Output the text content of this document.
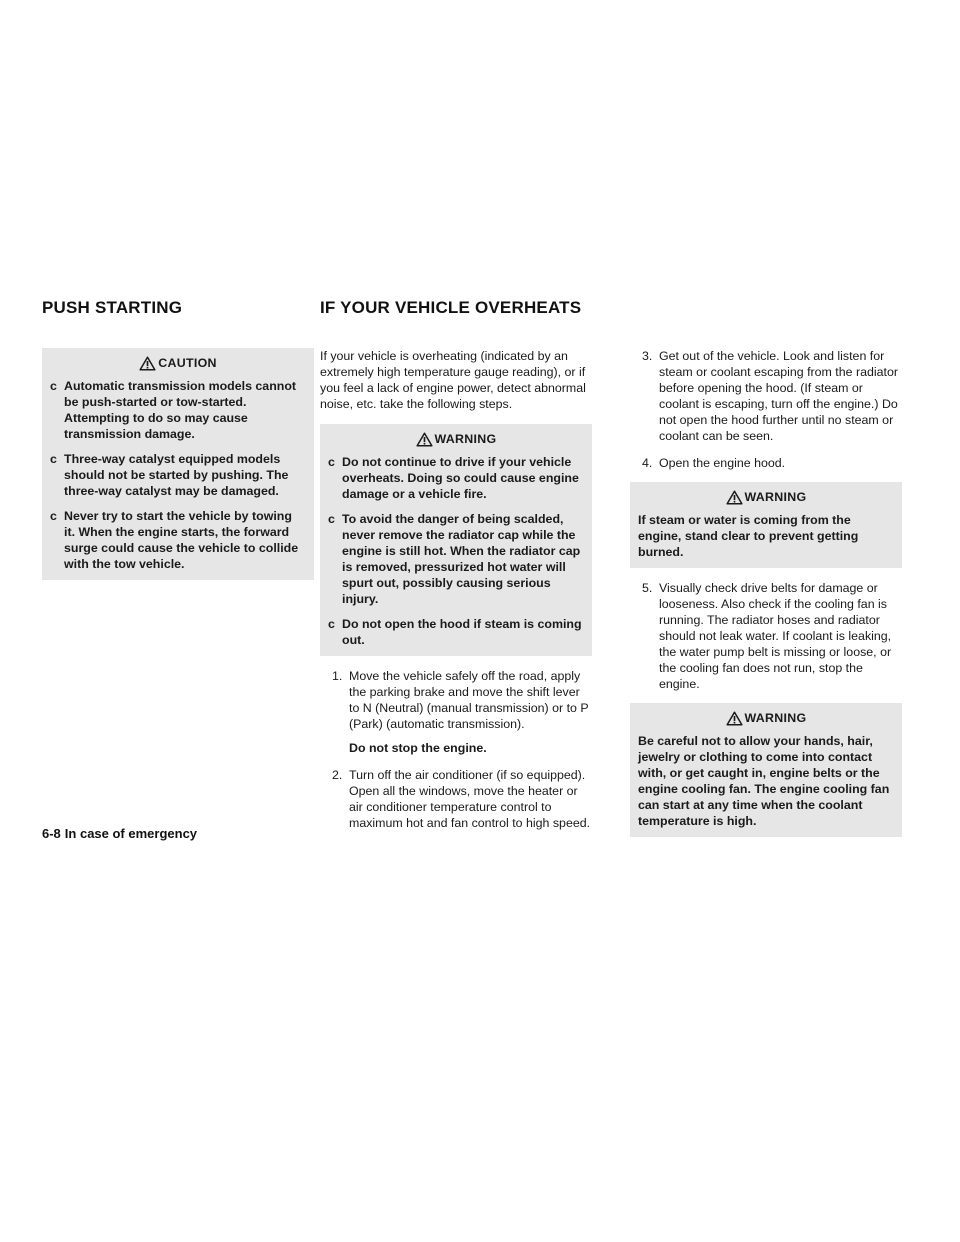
PUSH STARTING	IF YOUR VEHICLE OVERHEATS
CAUTION
c Automatic transmission models cannot be push-started or tow-started. Attempting to do so may cause transmission damage.
c Three-way catalyst equipped models should not be started by pushing. The three-way catalyst may be damaged.
c Never try to start the vehicle by towing it. When the engine starts, the forward surge could cause the vehicle to collide with the tow vehicle.

If your vehicle is overheating (indicated by an extremely high temperature gauge reading), or if you feel a lack of engine power, detect abnormal noise, etc. take the following steps.

WARNING
c Do not continue to drive if your vehicle overheats. Doing so could cause engine damage or a vehicle fire.
c To avoid the danger of being scalded, never remove the radiator cap while the engine is still hot. When the radiator cap is removed, pressurized hot water will spurt out, possibly causing serious injury.
c Do not open the hood if steam is coming out.
1. Move the vehicle safely off the road, apply the parking brake and move the shift lever to N (Neutral) (manual transmission) or to P (Park) (automatic transmission).
Do not stop the engine.
2. Turn off the air conditioner (if so equipped). Open all the windows, move the heater or air conditioner temperature control to maximum hot and fan control to high speed.
3. Get out of the vehicle. Look and listen for steam or coolant escaping from the radiator before opening the hood. (If steam or coolant is escaping, turn off the engine.) Do not open the hood further until no steam or coolant can be seen.
4. Open the engine hood.
WARNING
If steam or water is coming from the engine, stand clear to prevent getting burned.
5. Visually check drive belts for damage or looseness. Also check if the cooling fan is running. The radiator hoses and radiator should not leak water. If coolant is leaking, the water pump belt is missing or loose, or the cooling fan does not run, stop the engine.
WARNING
Be careful not to allow your hands, hair, jewelry or clothing to come into contact with, or get caught in, engine belts or the engine cooling fan. The engine cooling fan can start at any time when the coolant temperature is high.
6-8 In case of emergency
